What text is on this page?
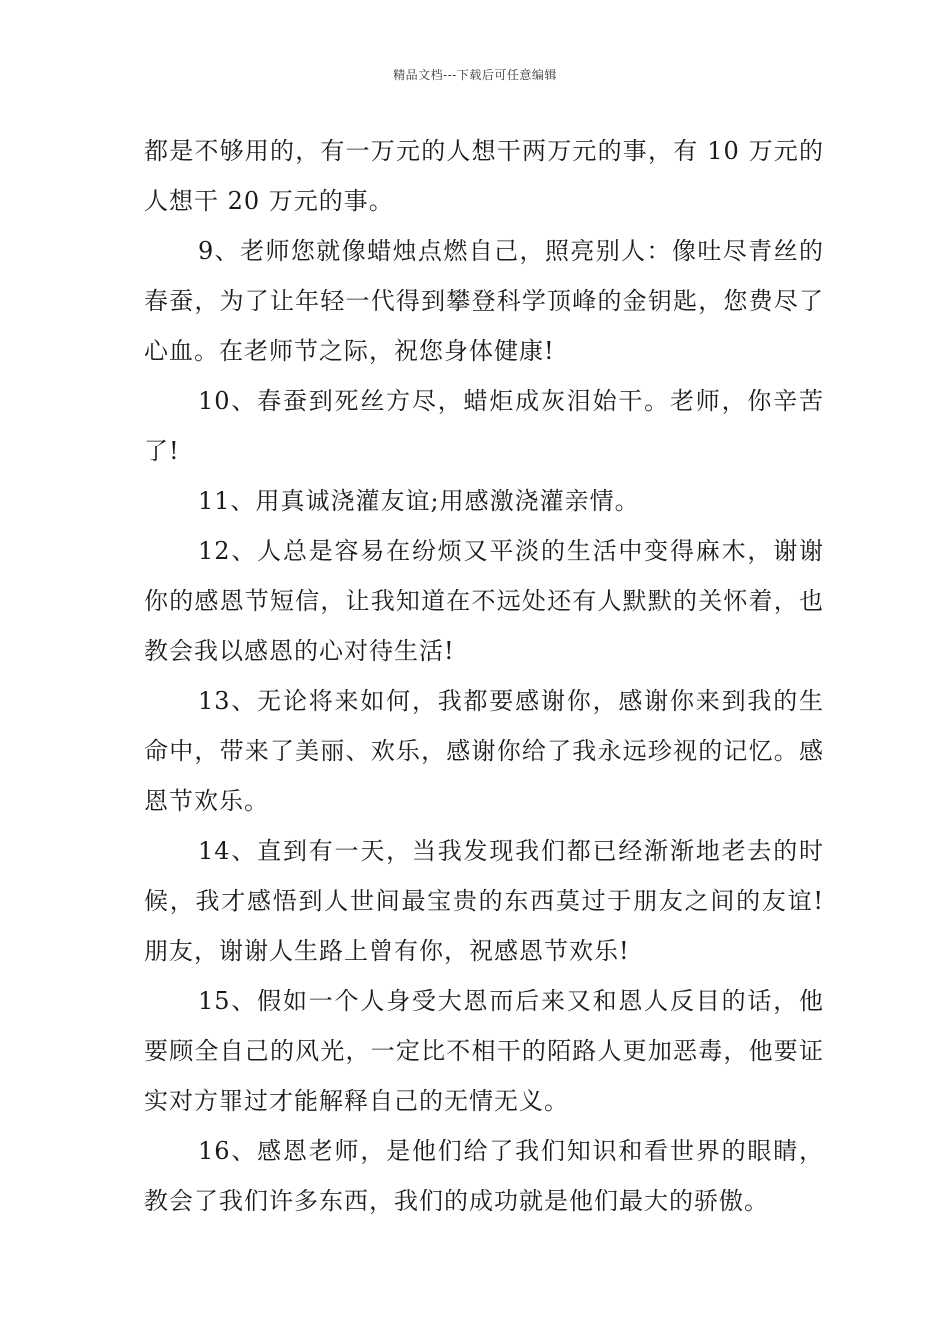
精品文档---下载后可任意编辑

都是不够用的，有一万元的人想干两万元的事，有 10 万元的人想干 20 万元的事。

9、老师您就像蜡烛点燃自己，照亮别人：像吐尽青丝的春蚕，为了让年轻一代得到攀登科学顶峰的金钥匙，您费尽了心血。在老师节之际，祝您身体健康!

10、春蚕到死丝方尽，蜡炬成灰泪始干。老师，你辛苦了!

11、用真诚浇灌友谊;用感激浇灌亲情。

12、人总是容易在纷烦又平淡的生活中变得麻木，谢谢你的感恩节短信，让我知道在不远处还有人默默的关怀着，也教会我以感恩的心对待生活!

13、无论将来如何，我都要感谢你，感谢你来到我的生命中，带来了美丽、欢乐，感谢你给了我永远珍视的记忆。感恩节欢乐。

14、直到有一天，当我发现我们都已经渐渐地老去的时候，我才感悟到人世间最宝贵的东西莫过于朋友之间的友谊!朋友，谢谢人生路上曾有你，祝感恩节欢乐!

15、假如一个人身受大恩而后来又和恩人反目的话，他要顾全自己的风光，一定比不相干的陌路人更加恶毒，他要证实对方罪过才能解释自己的无情无义。

16、感恩老师，是他们给了我们知识和看世界的眼睛，教会了我们许多东西，我们的成功就是他们最大的骄傲。
